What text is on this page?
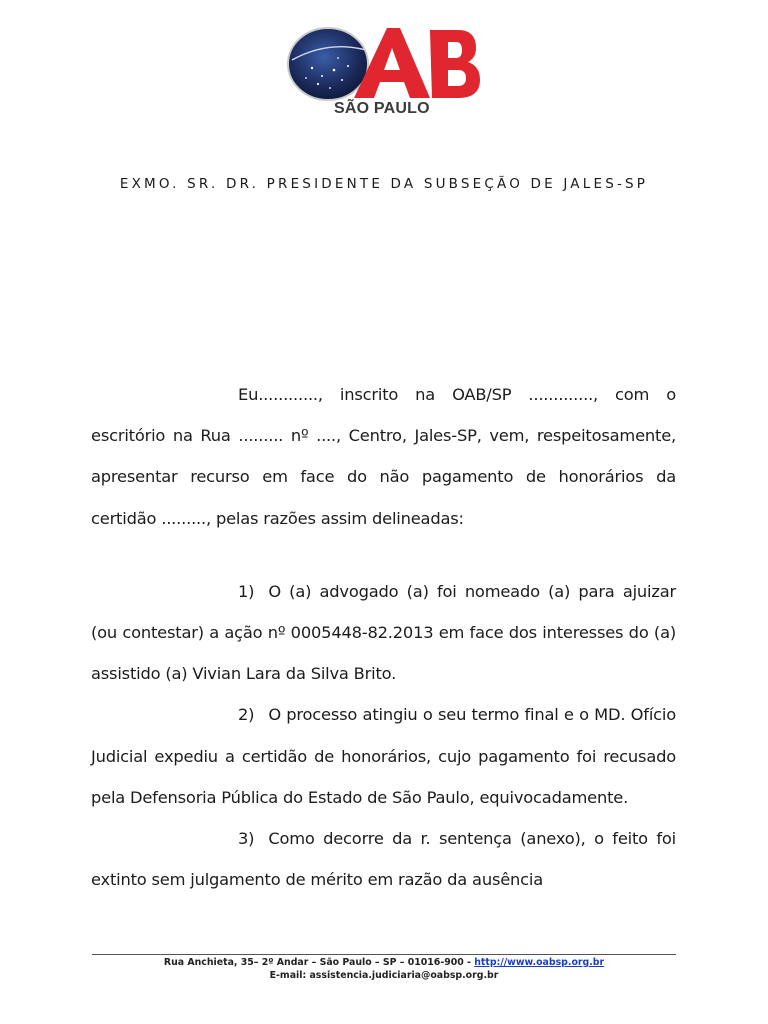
SÃO PAULO
EXMO. SR. DR. PRESIDENTE DA SUBSEÇÃO DE JALES-SP

Eu............, inscrito na OAB/SP ............., com o escritório na Rua ......... nº ...., Centro, Jales-SP, vem, respeitosamente, apresentar recurso em face do não pagamento de honorários da certidão ........., pelas razões assim delineadas:

1) O (a) advogado (a) foi nomeado (a) para ajuizar (ou contestar) a ação nº 0005448-82.2013 em face dos interesses do (a) assistido (a) Vivian Lara da Silva Brito.

2) O processo atingiu o seu termo final e o MD. Ofício Judicial expediu a certidão de honorários, cujo pagamento foi recusado pela Defensoria Pública do Estado de São Paulo, equivocadamente.

3) Como decorre da r. sentença (anexo), o feito foi extinto sem julgamento de mérito em razão da ausência

Rua Anchieta, 35– 2º Andar – São Paulo – SP – 01016-900 - http://www.oabsp.org.br
E-mail: assistencia.judiciaria@oabsp.org.br
